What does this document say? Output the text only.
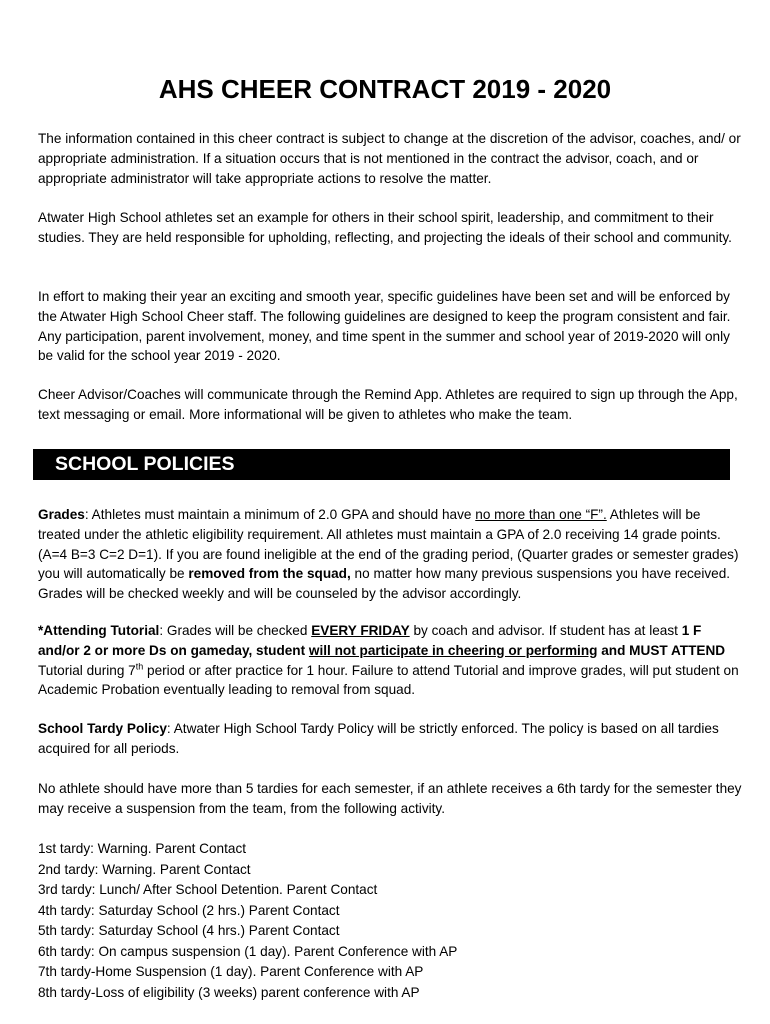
AHS CHEER CONTRACT 2019 - 2020

The information contained in this cheer contract is subject to change at the discretion of the advisor, coaches, and/ or appropriate administration. If a situation occurs that is not mentioned in the contract the advisor, coach, and or appropriate administrator will take appropriate actions to resolve the matter.

Atwater High School athletes set an example for others in their school spirit, leadership, and commitment to their studies. They are held responsible for upholding, reflecting, and projecting the ideals of their school and community.

In effort to making their year an exciting and smooth year, specific guidelines have been set and will be enforced by the Atwater High School Cheer staff. The following guidelines are designed to keep the program consistent and fair. Any participation, parent involvement, money, and time spent in the summer and school year of 2019-2020 will only be valid for the school year 2019 - 2020.

Cheer Advisor/Coaches will communicate through the Remind App. Athletes are required to sign up through the App, text messaging or email. More informational will be given to athletes who make the team.

SCHOOL POLICIES

Grades: Athletes must maintain a minimum of 2.0 GPA and should have no more than one “F”. Athletes will be treated under the athletic eligibility requirement. All athletes must maintain a GPA of 2.0 receiving 14 grade points. (A=4 B=3 C=2 D=1). If you are found ineligible at the end of the grading period, (Quarter grades or semester grades) you will automatically be removed from the squad, no matter how many previous suspensions you have received. Grades will be checked weekly and will be counseled by the advisor accordingly.

*Attending Tutorial: Grades will be checked EVERY FRIDAY by coach and advisor. If student has at least 1 F and/or 2 or more Ds on gameday, student will not participate in cheering or performing and MUST ATTEND Tutorial during 7th period or after practice for 1 hour. Failure to attend Tutorial and improve grades, will put student on Academic Probation eventually leading to removal from squad.

School Tardy Policy: Atwater High School Tardy Policy will be strictly enforced. The policy is based on all tardies acquired for all periods.

No athlete should have more than 5 tardies for each semester, if an athlete receives a 6th tardy for the semester they may receive a suspension from the team, from the following activity.

1st tardy: Warning. Parent Contact
2nd tardy: Warning. Parent Contact
3rd tardy: Lunch/ After School Detention. Parent Contact
4th tardy: Saturday School (2 hrs.) Parent Contact
5th tardy: Saturday School (4 hrs.) Parent Contact
6th tardy: On campus suspension (1 day). Parent Conference with AP
7th tardy-Home Suspension (1 day). Parent Conference with AP
8th tardy-Loss of eligibility (3 weeks) parent conference with AP
